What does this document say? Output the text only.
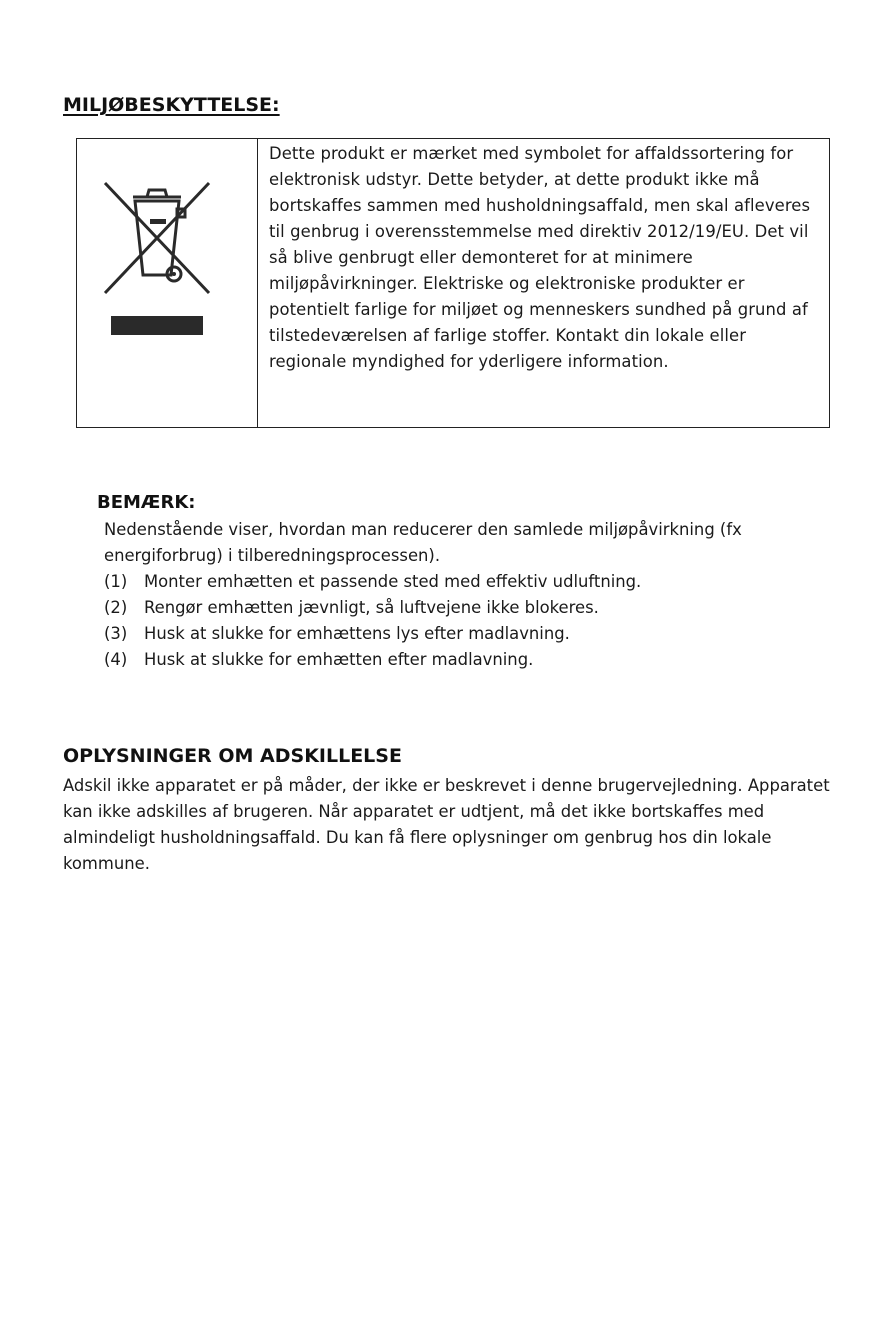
MILJØBESKYTTELSE:
Dette produkt er mærket med symbolet for affaldssortering for elektronisk udstyr. Dette betyder, at dette produkt ikke må bortskaffes sammen med husholdningsaffald, men skal afleveres til genbrug i overensstemmelse med direktiv 2012/19/EU. Det vil så blive genbrugt eller demonteret for at minimere miljøpåvirkninger. Elektriske og elektroniske produkter er potentielt farlige for miljøet og menneskers sundhed på grund af tilstedeværelsen af farlige stoffer. Kontakt din lokale eller regionale myndighed for yderligere information.
BEMÆRK:

Nedenstående viser, hvordan man reducerer den samlede miljøpåvirkning (fx energiforbrug) i tilberedningsprocessen).

(1)	Monter emhætten et passende sted med effektiv udluftning.
(2)	Rengør emhætten jævnligt, så luftvejene ikke blokeres.
(3)	Husk at slukke for emhættens lys efter madlavning.
(4)	Husk at slukke for emhætten efter madlavning.
OPLYSNINGER OM ADSKILLELSE

Adskil ikke apparatet er på måder, der ikke er beskrevet i denne brugervejledning. Apparatet kan ikke adskilles af brugeren. Når apparatet er udtjent, må det ikke bortskaffes med almindeligt husholdningsaffald. Du kan få flere oplysninger om genbrug hos din lokale kommune.
